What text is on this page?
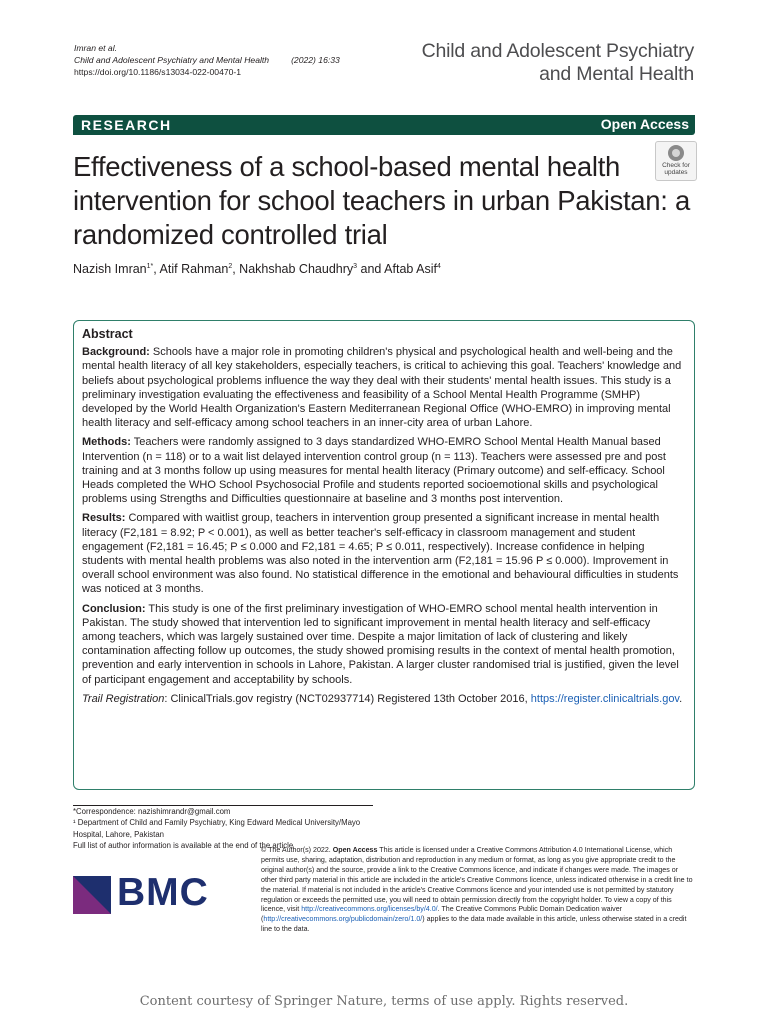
Imran et al.
Child and Adolescent Psychiatry and Mental Health	(2022) 16:33
https://doi.org/10.1186/s13034-022-00470-1
Child and Adolescent Psychiatry
and Mental Health
RESEARCH	Open Access
Effectiveness of a school-based mental health intervention for school teachers in urban Pakistan: a randomized controlled trial
Check for
updates
Nazish Imran$^{1*}$, Atif Rahman$^2$, Nakhshab Chaudhry$^3$ and Aftab Asif$^4$
Abstract

Background: Schools have a major role in promoting children's physical and psychological health and well-being and the mental health literacy of all key stakeholders, especially teachers, is critical to achieving this goal. Teachers' knowledge and beliefs about psychological problems influence the way they deal with their students' mental health issues. This study is a preliminary investigation evaluating the effectiveness and feasibility of a School Mental Health Programme (SMHP) developed by the World Health Organization's Eastern Mediterranean Regional Office (WHO-EMRO) in improving mental health literacy and self-efficacy among school teachers in an inner-city area of urban Lahore.

Methods: Teachers were randomly assigned to 3 days standardized WHO-EMRO School Mental Health Manual based Intervention (n = 118) or to a wait list delayed intervention control group (n = 113). Teachers were assessed pre and post training and at 3 months follow up using measures for mental health literacy (Primary outcome) and self-efficacy. School Heads completed the WHO School Psychosocial Profile and students reported socioemotional skills and psychological problems using Strengths and Difficulties questionnaire at baseline and 3 months post intervention.

Results: Compared with waitlist group, teachers in intervention group presented a significant increase in mental health literacy (F2,181 = 8.92; P < 0.001), as well as better teacher's self-efficacy in classroom management and student engagement (F2,181 = 16.45; P ≤ 0.000 and F2,181 = 4.65; P ≤ 0.011, respectively). Increase confidence in helping students with mental health problems was also noted in the intervention arm (F2,181 = 15.96 P ≤ 0.000). Improvement in overall school environment was also found. No statistical difference in the emotional and behavioural difficulties in students was noticed at 3 months.

Conclusion: This study is one of the first preliminary investigation of WHO-EMRO school mental health intervention in Pakistan. The study showed that intervention led to significant improvement in mental health literacy and self-efficacy among teachers, which was largely sustained over time. Despite a major limitation of lack of clustering and likely contamination affecting follow up outcomes, the study showed promising results in the context of mental health promotion, prevention and early intervention in schools in Lahore, Pakistan. A larger cluster randomised trial is justified, given the level of participant engagement and acceptability by schools.

Trail Registration: ClinicalTrials.gov registry (NCT02937714) Registered 13th October 2016, https://register.clinicaltrials.gov.

*Correspondence: nazishimrandr@gmail.com
¹ Department of Child and Family Psychiatry, King Edward Medical University/Mayo Hospital, Lahore, Pakistan
Full list of author information is available at the end of the article
BMC
© The Author(s) 2022. Open Access This article is licensed under a Creative Commons Attribution 4.0 International License, which permits use, sharing, adaptation, distribution and reproduction in any medium or format, as long as you give appropriate credit to the original author(s) and the source, provide a link to the Creative Commons licence, and indicate if changes were made. The images or other third party material in this article are included in the article's Creative Commons licence, unless indicated otherwise in a credit line to the material. If material is not included in the article's Creative Commons licence and your intended use is not permitted by statutory regulation or exceeds the permitted use, you will need to obtain permission directly from the copyright holder. To view a copy of this licence, visit http://creativecommons.org/licenses/by/4.0/. The Creative Commons Public Domain Dedication waiver (http://creativecommons.org/publicdomain/zero/1.0/) applies to the data made available in this article, unless otherwise stated in a credit line to the data.
Content courtesy of Springer Nature, terms of use apply. Rights reserved.
